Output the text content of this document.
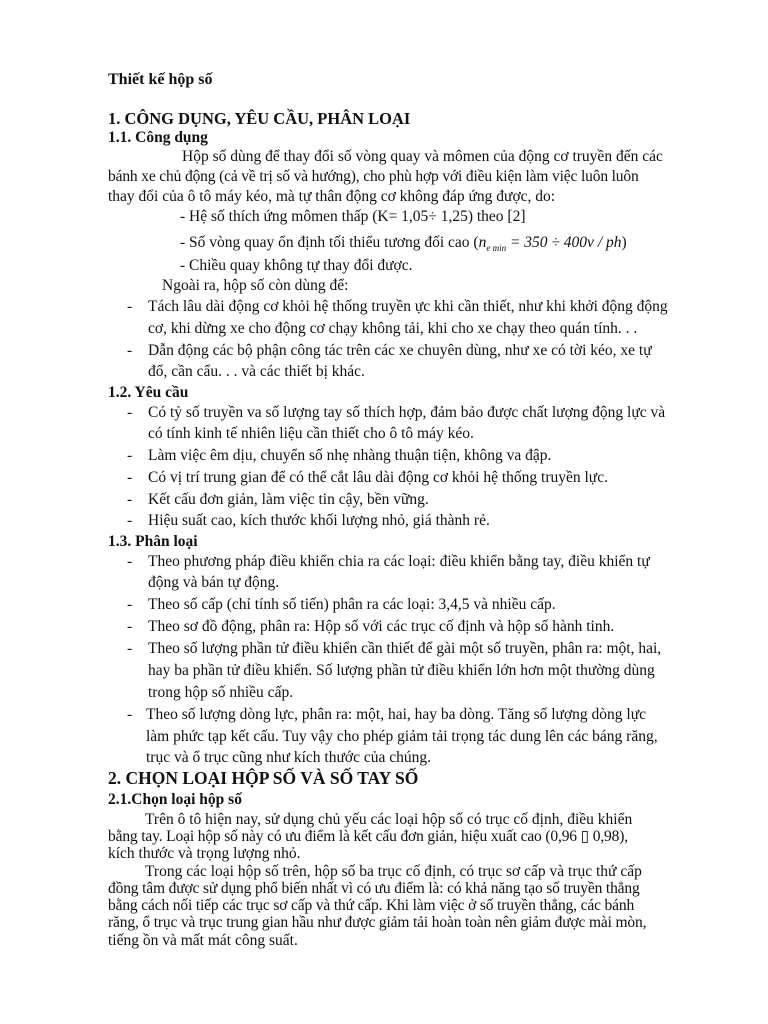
Thiết kế hộp số
1. CÔNG DỤNG, YÊU CẦU, PHÂN LOẠI
1.1. Công dụng
Hộp số dùng để thay đổi số vòng quay và mômen của động cơ truyền đến các
bánh xe chủ động (cả về trị số và hướng), cho phù hợp với điều kiện làm việc luôn luôn
thay đổi của ô tô máy kéo, mà tự thân động cơ không đáp ứng được, do:
- Hệ số thích ứng mômen thấp (K= 1,05÷ 1,25) theo [2]
- Số vòng quay ổn định tối thiểu tương đối cao $(n_{e min} = 350 \div 400v / ph)$
- Chiều quay không tự thay đổi được.
Ngoài ra, hộp số còn dùng để:
- Tách lâu dài động cơ khỏi hệ thống truyền ực khi cần thiết, như khi khởi động động
cơ, khi dừng xe cho động cơ chạy không tải, khi cho xe chạy theo quán tính. . .
- Dẫn động các bộ phận công tác trên các xe chuyên dùng, như xe có tời kéo, xe tự
đổ, cần cẩu. . . và các thiết bị khác.
1.2. Yêu cầu
- Có tỷ số truyền va số lượng tay số thích hợp, đảm bảo được chất lượng động lực và
có tính kinh tế nhiên liệu cần thiết cho ô tô máy kéo.
- Làm việc êm dịu, chuyển số nhẹ nhàng thuận tiện, không va đập.
- Có vị trí trung gian để có thể cắt lâu dài động cơ khỏi hệ thống truyền lực.
- Kết cấu đơn giản, làm việc tin cậy, bền vững.
- Hiệu suất cao, kích thước khối lượng nhỏ, giá thành rẻ.
1.3. Phân loại
- Theo phương pháp điều khiển chia ra các loại: điều khiển bằng tay, điều khiển tự
động và bán tự động.
- Theo số cấp (chỉ tính số tiến) phân ra các loại: 3,4,5 và nhiều cấp.
- Theo sơ đồ động, phân ra: Hộp số với các trục cố định và hộp số hành tinh.
- Theo số lượng phần tử điều khiển cần thiết để gài một số truyền, phân ra: một, hai,
hay ba phần tử điều khiển. Số lượng phần tử điều khiển lớn hơn một thường dùng
trong hộp số nhiều cấp.
- Theo số lượng dòng lực, phân ra: một, hai, hay ba dòng. Tăng số lượng dòng lực
làm phức tạp kết cấu. Tuy vậy cho phép giảm tải trọng tác dung lên các báng răng,
trục và ổ trục cũng như kích thước của chúng.
2. CHỌN LOẠI HỘP SỐ VÀ SỐ TAY SỐ
2.1.Chọn loại hộp số
Trên ô tô hiện nay, sử dụng chủ yếu các loại hộp số có trục cố định, điều khiển
bằng tay. Loại hộp số này có ưu điểm là kết cấu đơn giản, hiệu xuất cao (0,96 ▯ 0,98),
kích thước và trọng lượng nhỏ.
Trong các loại hộp số trên, hộp số ba trục cố định, có trục sơ cấp và trục thứ cấp
đồng tâm được sử dụng phổ biến nhất vì có ưu điểm là: có khả năng tạo số truyền thẳng
bằng cách nối tiếp các trục sơ cấp và thứ cấp. Khi làm việc ở số truyền thẳng, các bánh
răng, ổ trục và trục trung gian hầu như được giảm tải hoàn toàn nên giảm được mài mòn,
tiếng ồn và mất mát công suất.
